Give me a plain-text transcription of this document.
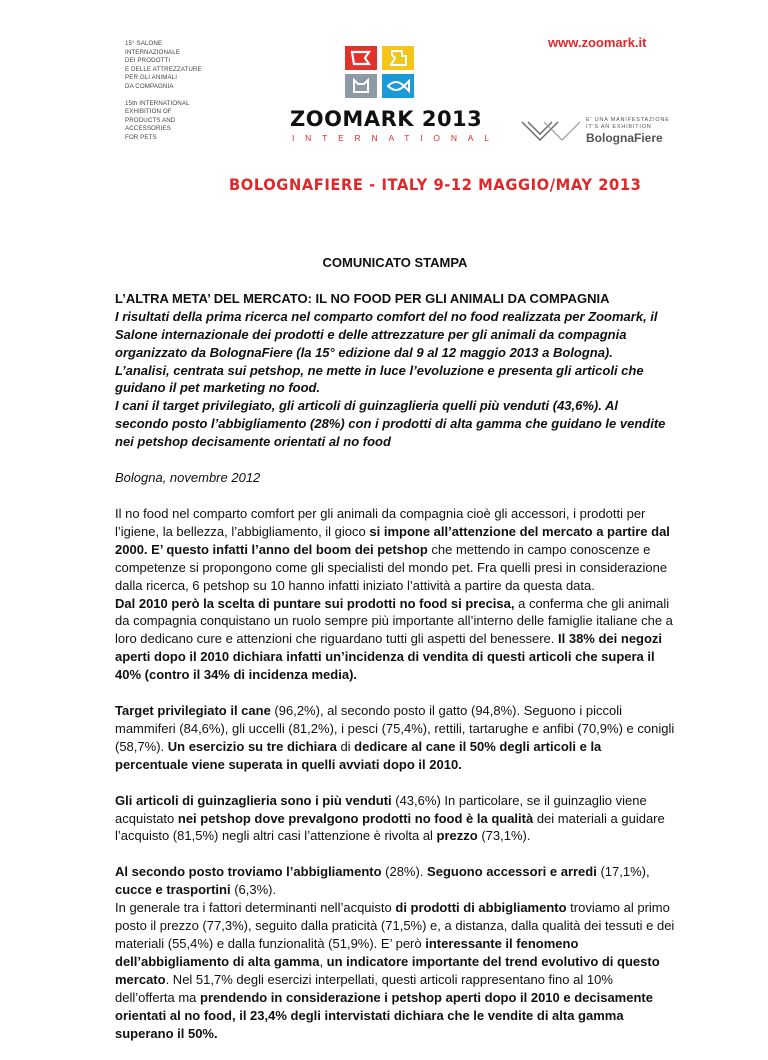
15° SALONE
INTERNAZIONALE
DEI PRODOTTI
E DELLE ATTREZZATURE
PER GLI ANIMALI
DA COMPAGNIA
15th INTERNATIONAL
EXHIBITION OF
PRODUCTS AND
ACCESSORIES
FOR PETS
www.zoomark.it
ZOOMARK 2013
INTERNATIONAL
E' UNA MANIFESTAZIONE
IT'S AN EXHIBITION
BolognaFiere
BOLOGNAFIERE - ITALY 9-12 MAGGIO/MAY 2013

COMUNICATO STAMPA

L’ALTRA META’ DEL MERCATO: IL NO FOOD PER GLI ANIMALI DA COMPAGNIA

I risultati della prima ricerca nel comparto comfort del no food realizzata per Zoomark, il Salone internazionale dei prodotti e delle attrezzature per gli animali da compagnia organizzato da BolognaFiere (la 15° edizione dal 9 al 12 maggio 2013 a Bologna).
L’analisi, centrata sui petshop, ne mette in luce l’evoluzione e presenta gli articoli che guidano il pet marketing no food.
I cani il target privilegiato, gli articoli di guinzaglieria quelli più venduti (43,6%). Al secondo posto l’abbigliamento (28%) con i prodotti di alta gamma che guidano le vendite nei petshop decisamente orientati al no food

Bologna, novembre 2012

Il no food nel comparto comfort per gli animali da compagnia cioè gli accessori, i prodotti per l’igiene, la bellezza, l’abbigliamento, il gioco si impone all’attenzione del mercato a partire dal 2000. E’ questo infatti l’anno del boom dei petshop che mettendo in campo conoscenze e competenze si propongono come gli specialisti del mondo pet. Fra quelli presi in considerazione dalla ricerca, 6 petshop su 10 hanno infatti iniziato l’attività a partire da questa data.
Dal 2010 però la scelta di puntare sui prodotti no food si precisa, a conferma che gli animali da compagnia conquistano un ruolo sempre più importante all’interno delle famiglie italiane che a loro dedicano cure e attenzioni che riguardano tutti gli aspetti del benessere. Il 38% dei negozi aperti dopo il 2010 dichiara infatti un’incidenza di vendita di questi articoli che supera il 40% (contro il 34% di incidenza media).

Target privilegiato il cane (96,2%), al secondo posto il gatto (94,8%). Seguono i piccoli mammiferi (84,6%), gli uccelli (81,2%), i pesci (75,4%), rettili, tartarughe e anfibi (70,9%) e conigli (58,7%). Un esercizio su tre dichiara di dedicare al cane il 50% degli articoli e la percentuale viene superata in quelli avviati dopo il 2010.

Gli articoli di guinzaglieria sono i più venduti (43,6%) In particolare, se il guinzaglio viene acquistato nei petshop dove prevalgono prodotti no food è la qualità dei materiali a guidare l’acquisto (81,5%) negli altri casi l’attenzione è rivolta al prezzo (73,1%).

Al secondo posto troviamo l’abbigliamento (28%). Seguono accessori e arredi (17,1%), cucce e trasportini (6,3%).
In generale tra i fattori determinanti nell’acquisto di prodotti di abbigliamento troviamo al primo posto il prezzo (77,3%), seguito dalla praticità (71,5%) e, a distanza, dalla qualità dei tessuti e dei materiali (55,4%) e dalla funzionalità (51,9%). E’ però interessante il fenomeno dell’abbigliamento di alta gamma, un indicatore importante del trend evolutivo di questo mercato. Nel 51,7% degli esercizi interpellati, questi articoli rappresentano fino al 10% dell’offerta ma prendendo in considerazione i petshop aperti dopo il 2010 e decisamente orientati al no food, il 23,4% degli intervistati dichiara che le vendite di alta gamma superano il 50%.
